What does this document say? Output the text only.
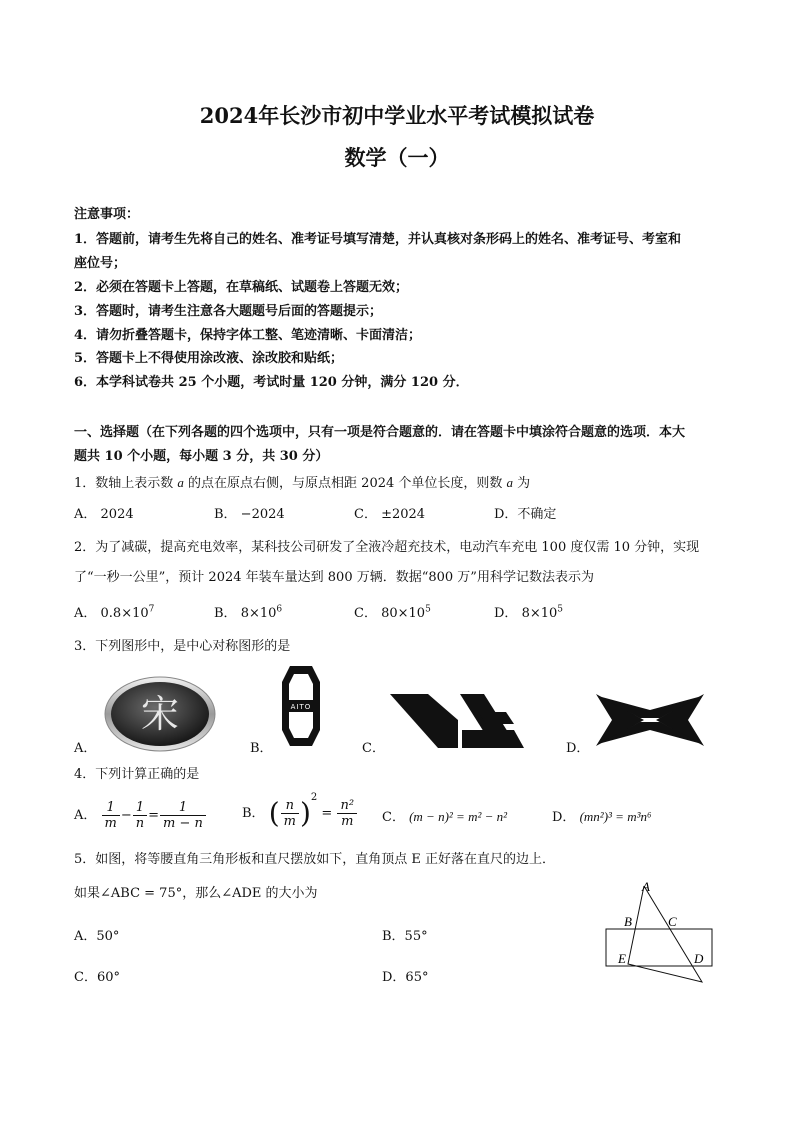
2024年长沙市初中学业水平考试模拟试卷
数学（一）
注意事项：
1．答题前，请考生先将自己的姓名、准考证号填写清楚，并认真核对条形码上的姓名、准考证号、考室和
座位号；
2．必须在答题卡上答题，在草稿纸、试题卷上答题无效；
3．答题时，请考生注意各大题题号后面的答题提示；
4．请勿折叠答题卡，保持字体工整、笔迹清晰、卡面清洁；
5．答题卡上不得使用涂改液、涂改胶和贴纸；
6．本学科试卷共 25 个小题，考试时量 120 分钟，满分 120 分．
一、选择题（在下列各题的四个选项中，只有一项是符合题意的．请在答题卡中填涂符合题意的选项．本大
题共 10 个小题，每小题 3 分，共 30 分）
1．数轴上表示数 a 的点在原点右侧，与原点相距 2024 个单位长度，则数 a 为
A． 2024	B． −2024	C． ±2024	D．不确定
2．为了减碳，提高充电效率，某科技公司研发了全液冷超充技术，电动汽车充电 100 度仅需 10 分钟，实现
了“一秒一公里”，预计 2024 年装车量达到 800 万辆．数据“800 万”用科学记数法表示为
A． $0.8\times 10^7$	B． $8\times 10^6$	C． $80\times 10^5$	D． $8\times 10^5$
3．下列图形中，是中心对称图形的是
A．
宋
B．
AITO
C．	D．
4．下列计算正确的是
A． $\frac{1}{m} - \frac{1}{n} = \frac{1}{m - n}$	B． ( $\frac{n}{m} )^2 = \frac{\text{n²}}{m}$ C． (m − n)² = m² − n²	D． (mn²)³ = m³n⁶
5．如图，将等腰直角三角形板和直尺摆放如下，直角顶点 E 正好落在直尺的边上．
如果∠ABC = 75°，那么∠ADE 的大小为
A．50°	B．55°
C．60°	D．65°
A
B	C
D
E
